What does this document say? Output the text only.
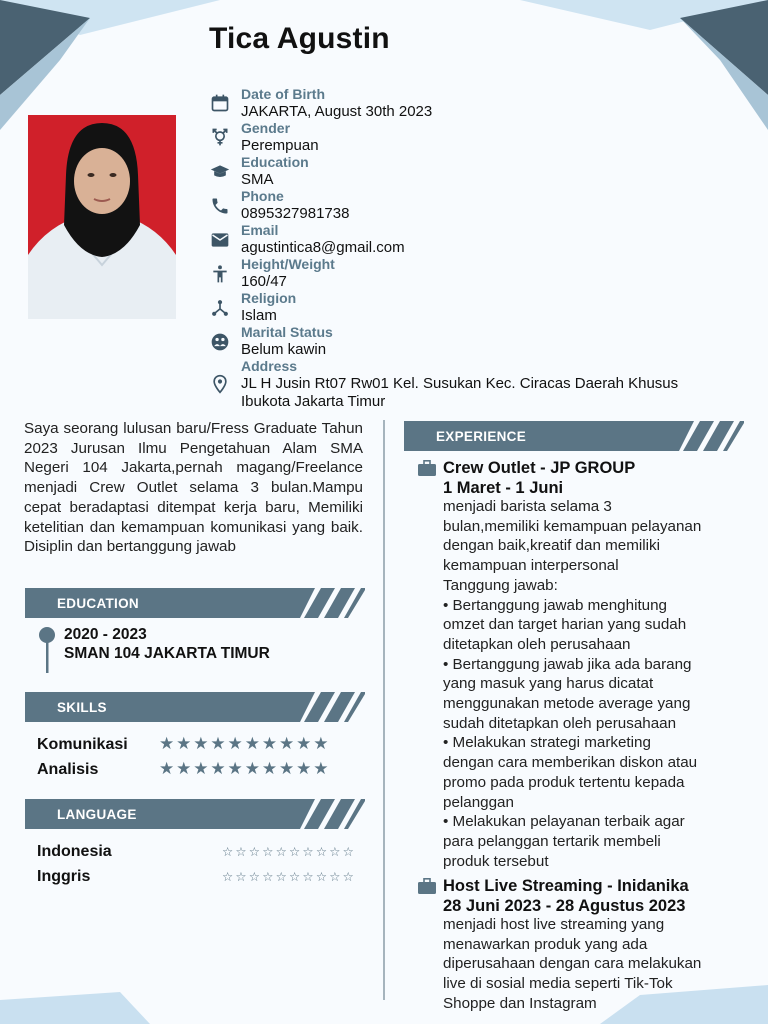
Tica Agustin
Date of Birth
JAKARTA, August 30th 2023
Gender
Perempuan
Education
SMA
Phone
0895327981738
Email
agustintica8@gmail.com
Height/Weight
160/47
Religion
Islam
Marital Status
Belum kawin
Address
JL H Jusin Rt07 Rw01 Kel. Susukan Kec. Ciracas Daerah Khusus
Ibukota Jakarta Timur
Saya seorang lulusan baru/Fress Graduate Tahun 2023 Jurusan Ilmu Pengetahuan Alam SMA Negeri 104 Jakarta,pernah magang/Freelance menjadi Crew Outlet selama 3 bulan.Mampu cepat beradaptasi ditempat kerja baru, Memiliki ketelitian dan kemampuan komunikasi yang baik. Disiplin dan bertanggung jawab
EDUCATION
2020 - 2023
SMAN 104 JAKARTA TIMUR
SKILLS
Komunikasi ★★★★★★★★★★
Analisis	★★★★★★★★★★
LANGUAGE
Indonesia	☆☆☆☆☆☆☆☆☆☆
Inggris	☆☆☆☆☆☆☆☆☆☆
EXPERIENCE
Crew Outlet - JP GROUP
1 Maret - 1 Juni
menjadi barista selama 3
bulan,memiliki kemampuan pelayanan
dengan baik,kreatif dan memiliki
kemampuan interpersonal
Tanggung jawab:
• Bertanggung jawab menghitung
omzet dan target harian yang sudah
ditetapkan oleh perusahaan
• Bertanggung jawab jika ada barang
yang masuk yang harus dicatat
menggunakan metode average yang
sudah ditetapkan oleh perusahaan
• Melakukan strategi marketing
dengan cara memberikan diskon atau
promo pada produk tertentu kepada
pelanggan
• Melakukan pelayanan terbaik agar
para pelanggan tertarik membeli
produk tersebut
Host Live Streaming - Inidanika
28 Juni 2023 - 28 Agustus 2023
menjadi host live streaming yang
menawarkan produk yang ada
diperusahaan dengan cara melakukan
live di sosial media seperti Tik-Tok
Shoppe dan Instagram
